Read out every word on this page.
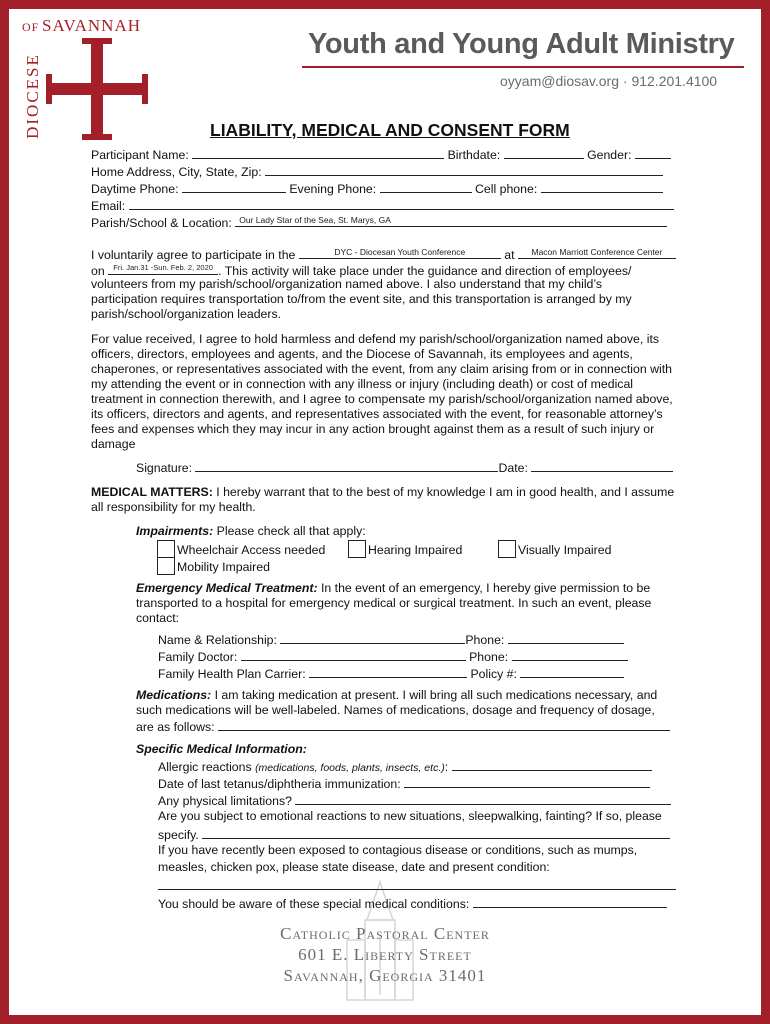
OF SAVANNAH
DIOCESE
Youth and Young Adult Ministry
oyyam@diosav.org · 912.201.4100
LIABILITY, MEDICAL AND CONSENT FORM
Participant Name:	Birthdate:	Gender:
Home Address, City, State, Zip:
Daytime Phone:	Evening Phone:	Cell phone:
Email:
Parish/School & Location: Our Lady Star of the Sea, St. Marys, GA
I voluntarily agree to participate in the	DYC - Diocesan Youth Conference	at	Macon Marriott Conference Center
on	Fri. Jan.31 -Sun. Feb. 2, 2020 . This activity will take place under the guidance and direction of employees/
volunteers from my parish/school/organization named above. I also understand that my child’s
participation requires transportation to/from the event site, and this transportation is arranged by my
parish/school/organization leaders.
For value received, I agree to hold harmless and defend my parish/school/organization named above, its officers, directors, employees and agents, and the Diocese of Savannah, its employees and agents, chaperones, or representatives associated with the event, from any claim arising from or in connection with my attending the event or in connection with any illness or injury (including death) or cost of medical treatment in connection therewith, and I agree to compensate my parish/school/organization named above, its officers, directors and agents, and representatives associated with the event, for reasonable attorney’s fees and expenses which they may incur in any action brought against them as a result of such injury or damage
Signature:	Date:
MEDICAL MATTERS: I hereby warrant that to the best of my knowledge I am in good health, and I assume all responsibility for my health.
Impairments: Please check all that apply:
Wheelchair Access needed	Hearing Impaired	Visually Impaired
Mobility Impaired
Emergency Medical Treatment: In the event of an emergency, I hereby give permission to be transported to a hospital for emergency medical or surgical treatment. In such an event, please contact:
Name & Relationship:	Phone:
Family Doctor:	Phone:
Family Health Plan Carrier:	Policy #:
Medications: I am taking medication at present. I will bring all such medications necessary, and such medications will be well-labeled. Names of medications, dosage and frequency of dosage,
are as follows:
Specific Medical Information:
Allergic reactions (medications, foods, plants, insects, etc.):
Date of last tetanus/diphtheria immunization:
Any physical limitations?
Are you subject to emotional reactions to new situations, sleepwalking, fainting? If so, please
specify.
If you have recently been exposed to contagious disease or conditions, such as mumps,
measles, chicken pox, please state disease, date and present condition:
You should be aware of these special medical conditions:
Catholic Pastoral Center
601 E. Liberty Street
Savannah, Georgia 31401
